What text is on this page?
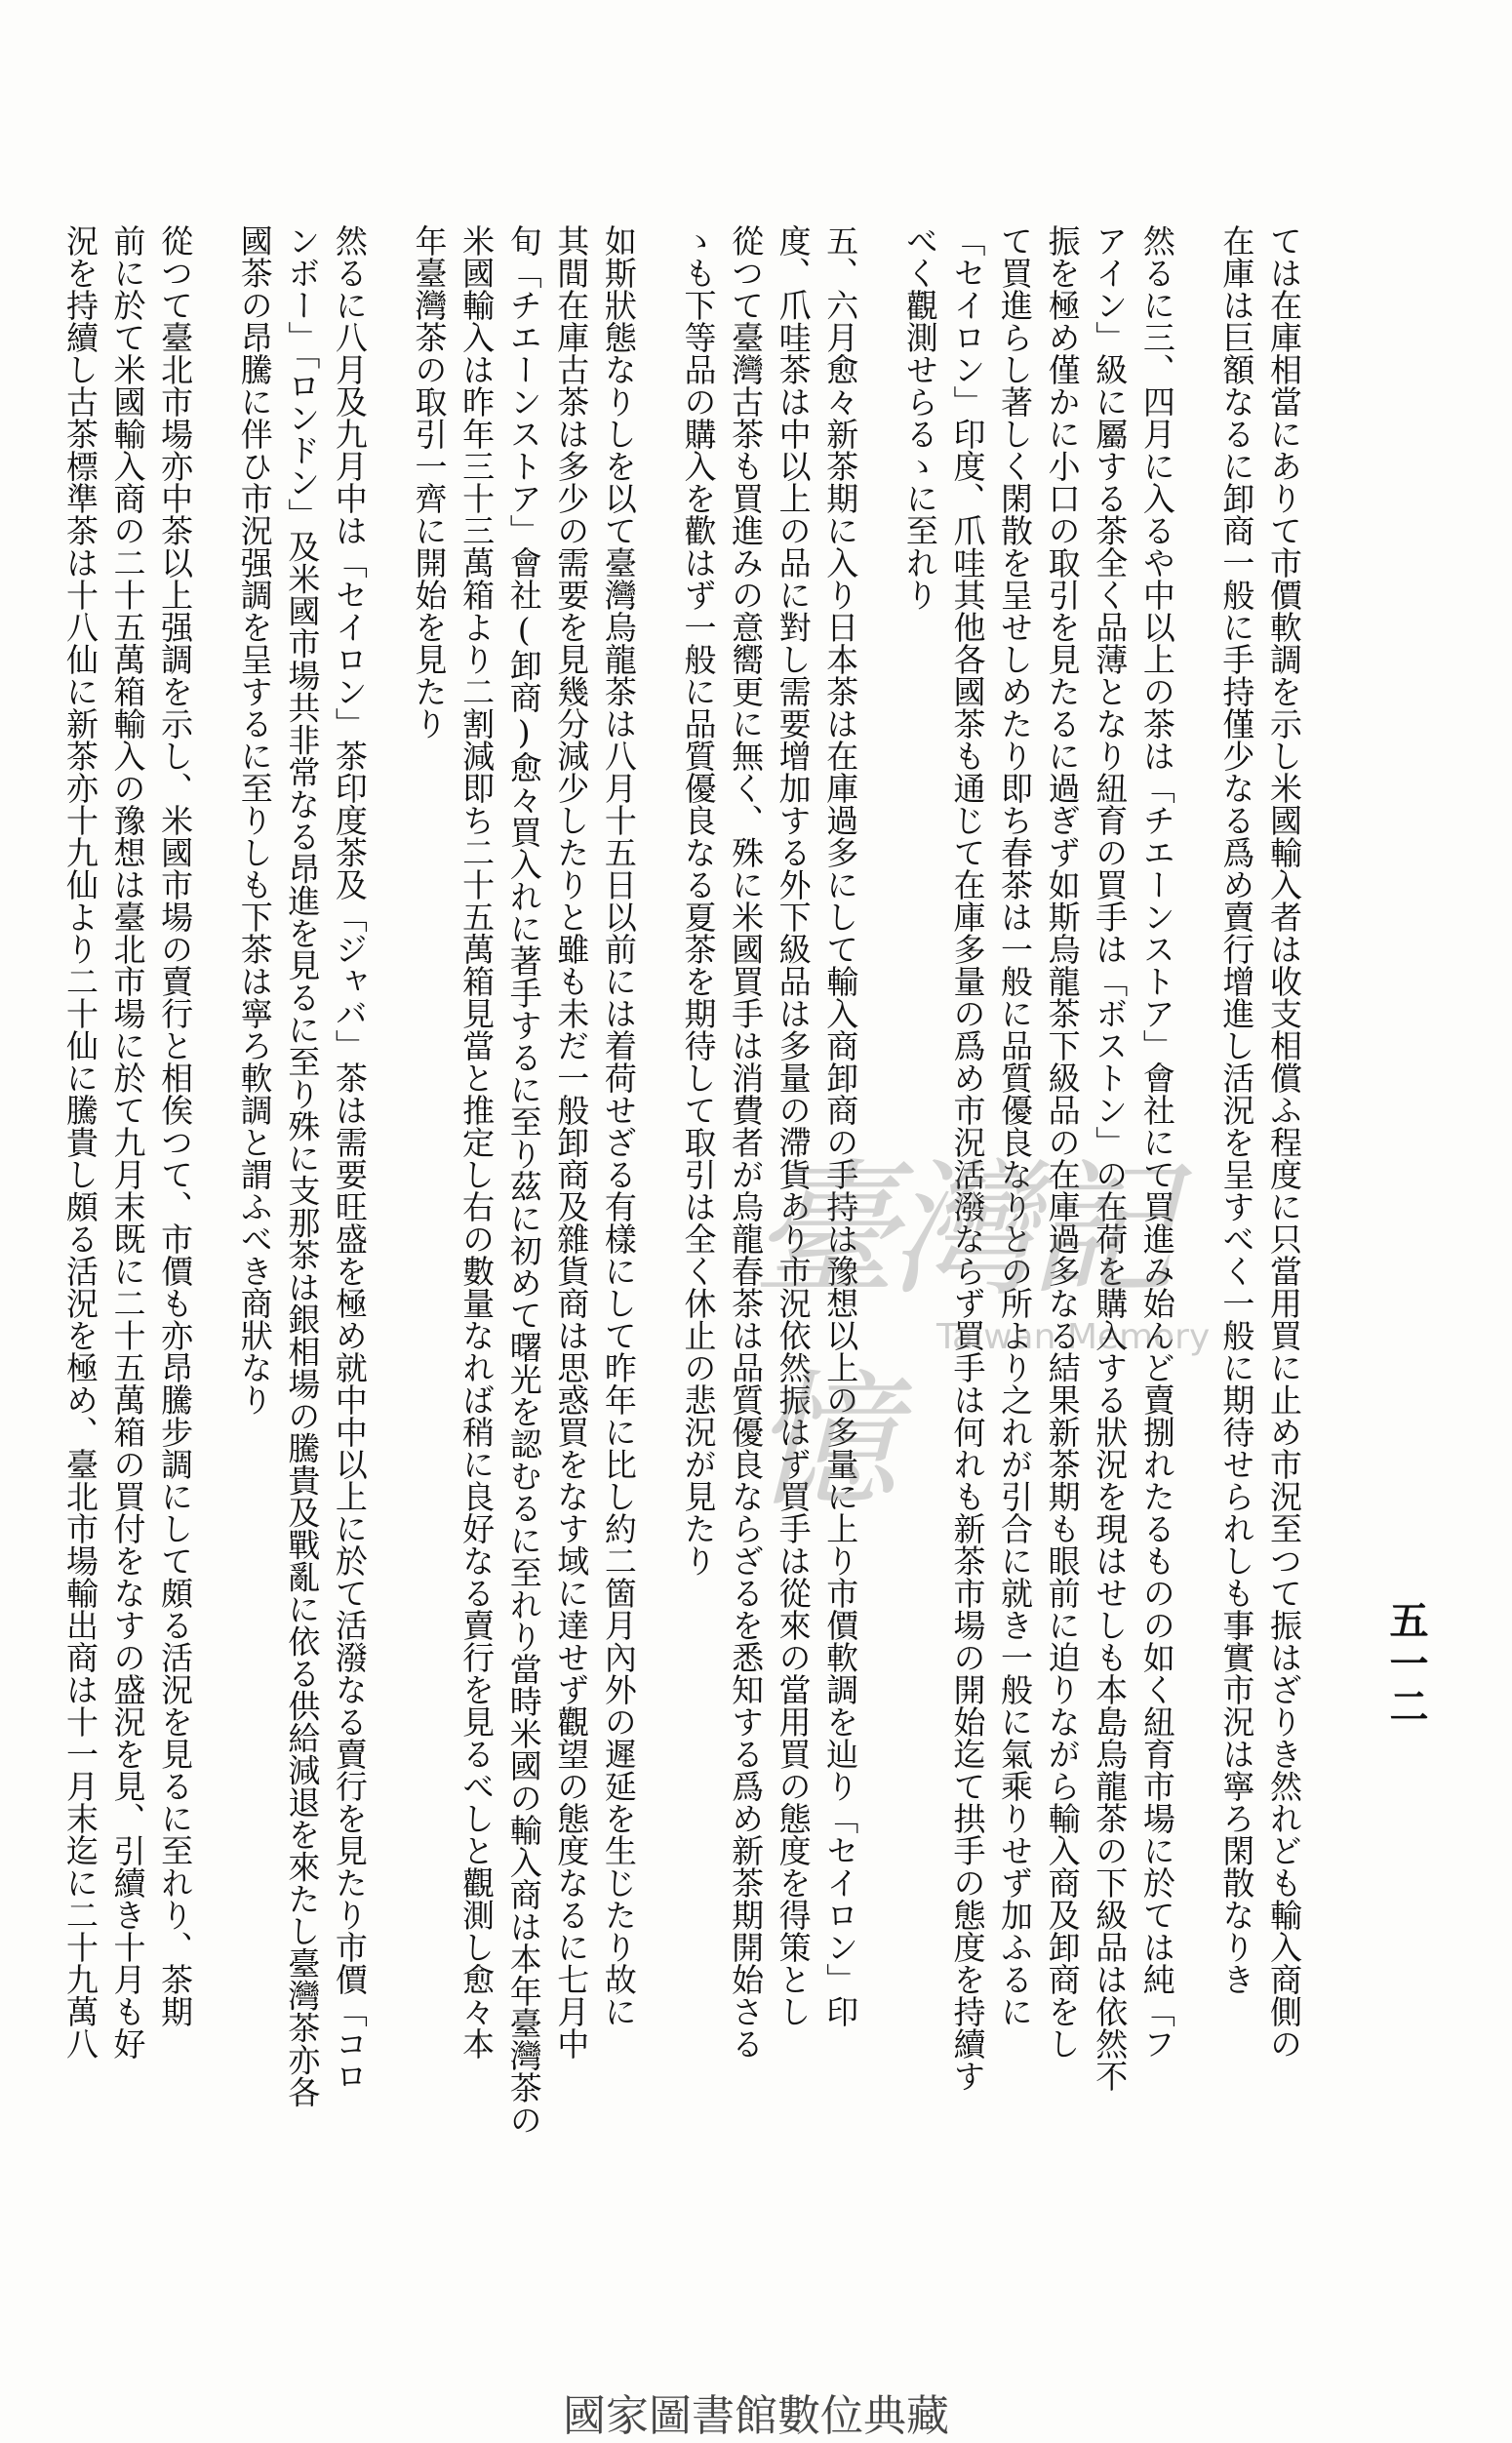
五一二
ては在庫相當にありて市價軟調を示し米國輸入者は收支相償ふ程度に只當用買に止め市況至つて振はざりき然れども輸入商側の
在庫は巨額なるに卸商一般に手持僅少なる爲め賣行增進し活況を呈すべく一般に期待せられしも事實市況は寧ろ閑散なりき
然るに三、四月に入るや中以上の茶は「チエーンストア」會社にて買進み始んど賣捌れたるものの如く紐育市場に於ては純「フ
アイン」級に屬する茶全く品薄となり紐育の買手は「ボストン」の在荷を購入する狀況を現はせしも本島烏龍茶の下級品は依然不
振を極め僅かに小口の取引を見たるに過ぎず如斯烏龍茶下級品の在庫過多なる結果新茶期も眼前に迫りながら輸入商及卸商をし
て買進らし著しく閑散を呈せしめたり即ち春茶は一般に品質優良なりとの所より之れが引合に就き一般に氣乘りせず加ふるに
「セイロン」印度、爪哇其他各國茶も通じて在庫多量の爲め市況活潑ならず買手は何れも新茶市場の開始迄て拱手の態度を持續す
べく觀測せらるゝに至れり
五、六月愈々新茶期に入り日本茶は在庫過多にして輸入商卸商の手持は豫想以上の多量に上り市價軟調を辿り「セイロン」印
度、爪哇茶は中以上の品に對し需要增加する外下級品は多量の滯貨あり市況依然振はず買手は從來の當用買の態度を得策とし
從つて臺灣古茶も買進みの意嚮更に無く、殊に米國買手は消費者が烏龍春茶は品質優良ならざるを悉知する爲め新茶期開始さる
ゝも下等品の購入を歡はず一般に品質優良なる夏茶を期待して取引は全く休止の悲況が見たり
如斯狀態なりしを以て臺灣烏龍茶は八月十五日以前には着荷せざる有樣にして昨年に比し約二箇月內外の遲延を生じたり故に
其間在庫古茶は多少の需要を見幾分減少したりと雖も未だ一般卸商及雜貨商は思惑買をなす域に達せず觀望の態度なるに七月中
旬「チエーンストア」會社(卸商)愈々買入れに著手するに至り茲に初めて曙光を認むるに至れり當時米國の輸入商は本年臺灣茶の
米國輸入は昨年三十三萬箱より二割減即ち二十五萬箱見當と推定し右の數量なれば稍に良好なる賣行を見るべしと觀測し愈々本
年臺灣茶の取引一齊に開始を見たり
然るに八月及九月中は「セイロン」茶印度茶及「ジャバ」茶は需要旺盛を極め就中中以上に於て活潑なる賣行を見たり市價「コロ
ンボー」「ロンドン」及米國市場共非常なる昂進を見るに至り殊に支那茶は銀相場の騰貴及戰亂に依る供給減退を來たし臺灣茶亦各
國茶の昂騰に伴ひ市況强調を呈するに至りしも下茶は寧ろ軟調と謂ふべき商狀なり
從つて臺北市場亦中茶以上强調を示し、米國市場の賣行と相俟つて、市價も亦昂騰步調にして頗る活況を見るに至れり、茶期
前に於て米國輸入商の二十五萬箱輸入の豫想は臺北市場に於て九月末既に二十五萬箱の買付をなすの盛況を見、引續き十月も好
況を持續し古茶標準茶は十八仙に新茶亦十九仙より二十仙に騰貴し頗る活況を極め、臺北市場輸出商は十一月末迄に二十九萬八	臺灣記憶
Taiwan Memory
國家圖書館數位典藏
